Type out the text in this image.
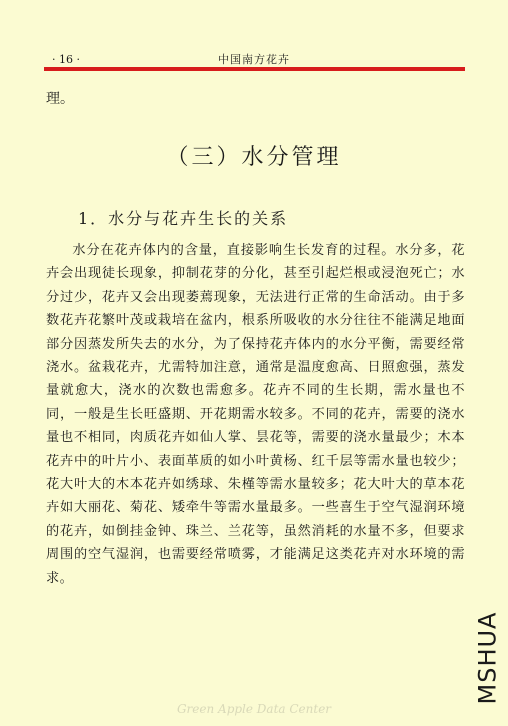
· 16 ·	中国南方花卉
理。
（三）水分管理
1．水分与花卉生长的关系

水分在花卉体内的含量，直接影响生长发育的过程。水分多，花卉会出现徒长现象，抑制花芽的分化，甚至引起烂根或浸泡死亡；水分过少，花卉又会出现萎蔫现象，无法进行正常的生命活动。由于多数花卉花繁叶茂或栽培在盆内，根系所吸收的水分往往不能满足地面部分因蒸发所失去的水分，为了保持花卉体内的水分平衡，需要经常浇水。盆栽花卉，尤需特加注意，通常是温度愈高、日照愈强，蒸发量就愈大，浇水的次数也需愈多。花卉不同的生长期，需水量也不同，一般是生长旺盛期、开花期需水较多。不同的花卉，需要的浇水量也不相同，肉质花卉如仙人掌、昙花等，需要的浇水量最少；木本花卉中的叶片小、表面革质的如小叶黄杨、红千层等需水量也较少；花大叶大的木本花卉如绣球、朱槿等需水量较多；花大叶大的草本花卉如大丽花、菊花、矮牵牛等需水量最多。一些喜生于空气湿润环境的花卉，如倒挂金钟、珠兰、兰花等，虽然消耗的水量不多，但要求周围的空气湿润，也需要经常喷雾，才能满足这类花卉对水环境的需求。

MSHUA
Green Apple Data Center
